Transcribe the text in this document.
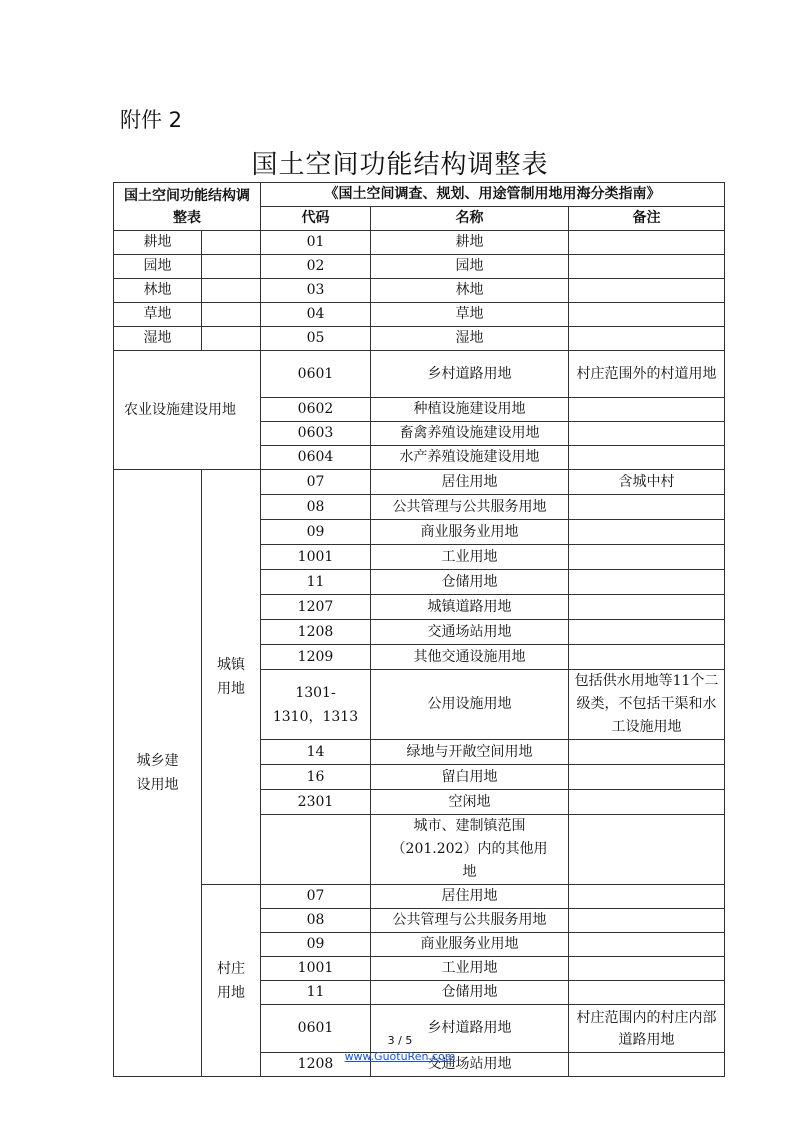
附件 2
国土空间功能结构调整表
国土空间功能结构调整表		《国土空间调查、规划、用途管制用地用海分类指南》		
		代码	名称	备注
耕地		01	耕地	
园地		02	园地	
林地		03	林地	
草地		04	草地	
湿地		05	湿地	
农业设施建设用地		0601	乡村道路用地	村庄范围外的村道用地
		0602	种植设施建设用地	
		0603	畜禽养殖设施建设用地	
		0604	水产养殖设施建设用地	
城乡建设用地	城镇用地	07	居住用地	含城中村
		08	公共管理与公共服务用地	
		09	商业服务业用地	
		1001	工业用地	
		11	仓储用地	
		1207	城镇道路用地	
		1208	交通场站用地	
		1209	其他交通设施用地	
		1301-1310，1313	公用设施用地	包括供水用地等11个二级类，不包括干渠和水工设施用地
		14	绿地与开敞空间用地	
		16	留白用地	
		2301	空闲地	
			城市、建制镇范围（201.202）内的其他用地	
	村庄用地	07	居住用地	
		08	公共管理与公共服务用地	
		09	商业服务业用地	
		1001	工业用地	
		11	仓储用地	
		0601	乡村道路用地	村庄范围内的村庄内部道路用地
		1208	交通场站用地	
3 / 5
www.GuotuRen.com
